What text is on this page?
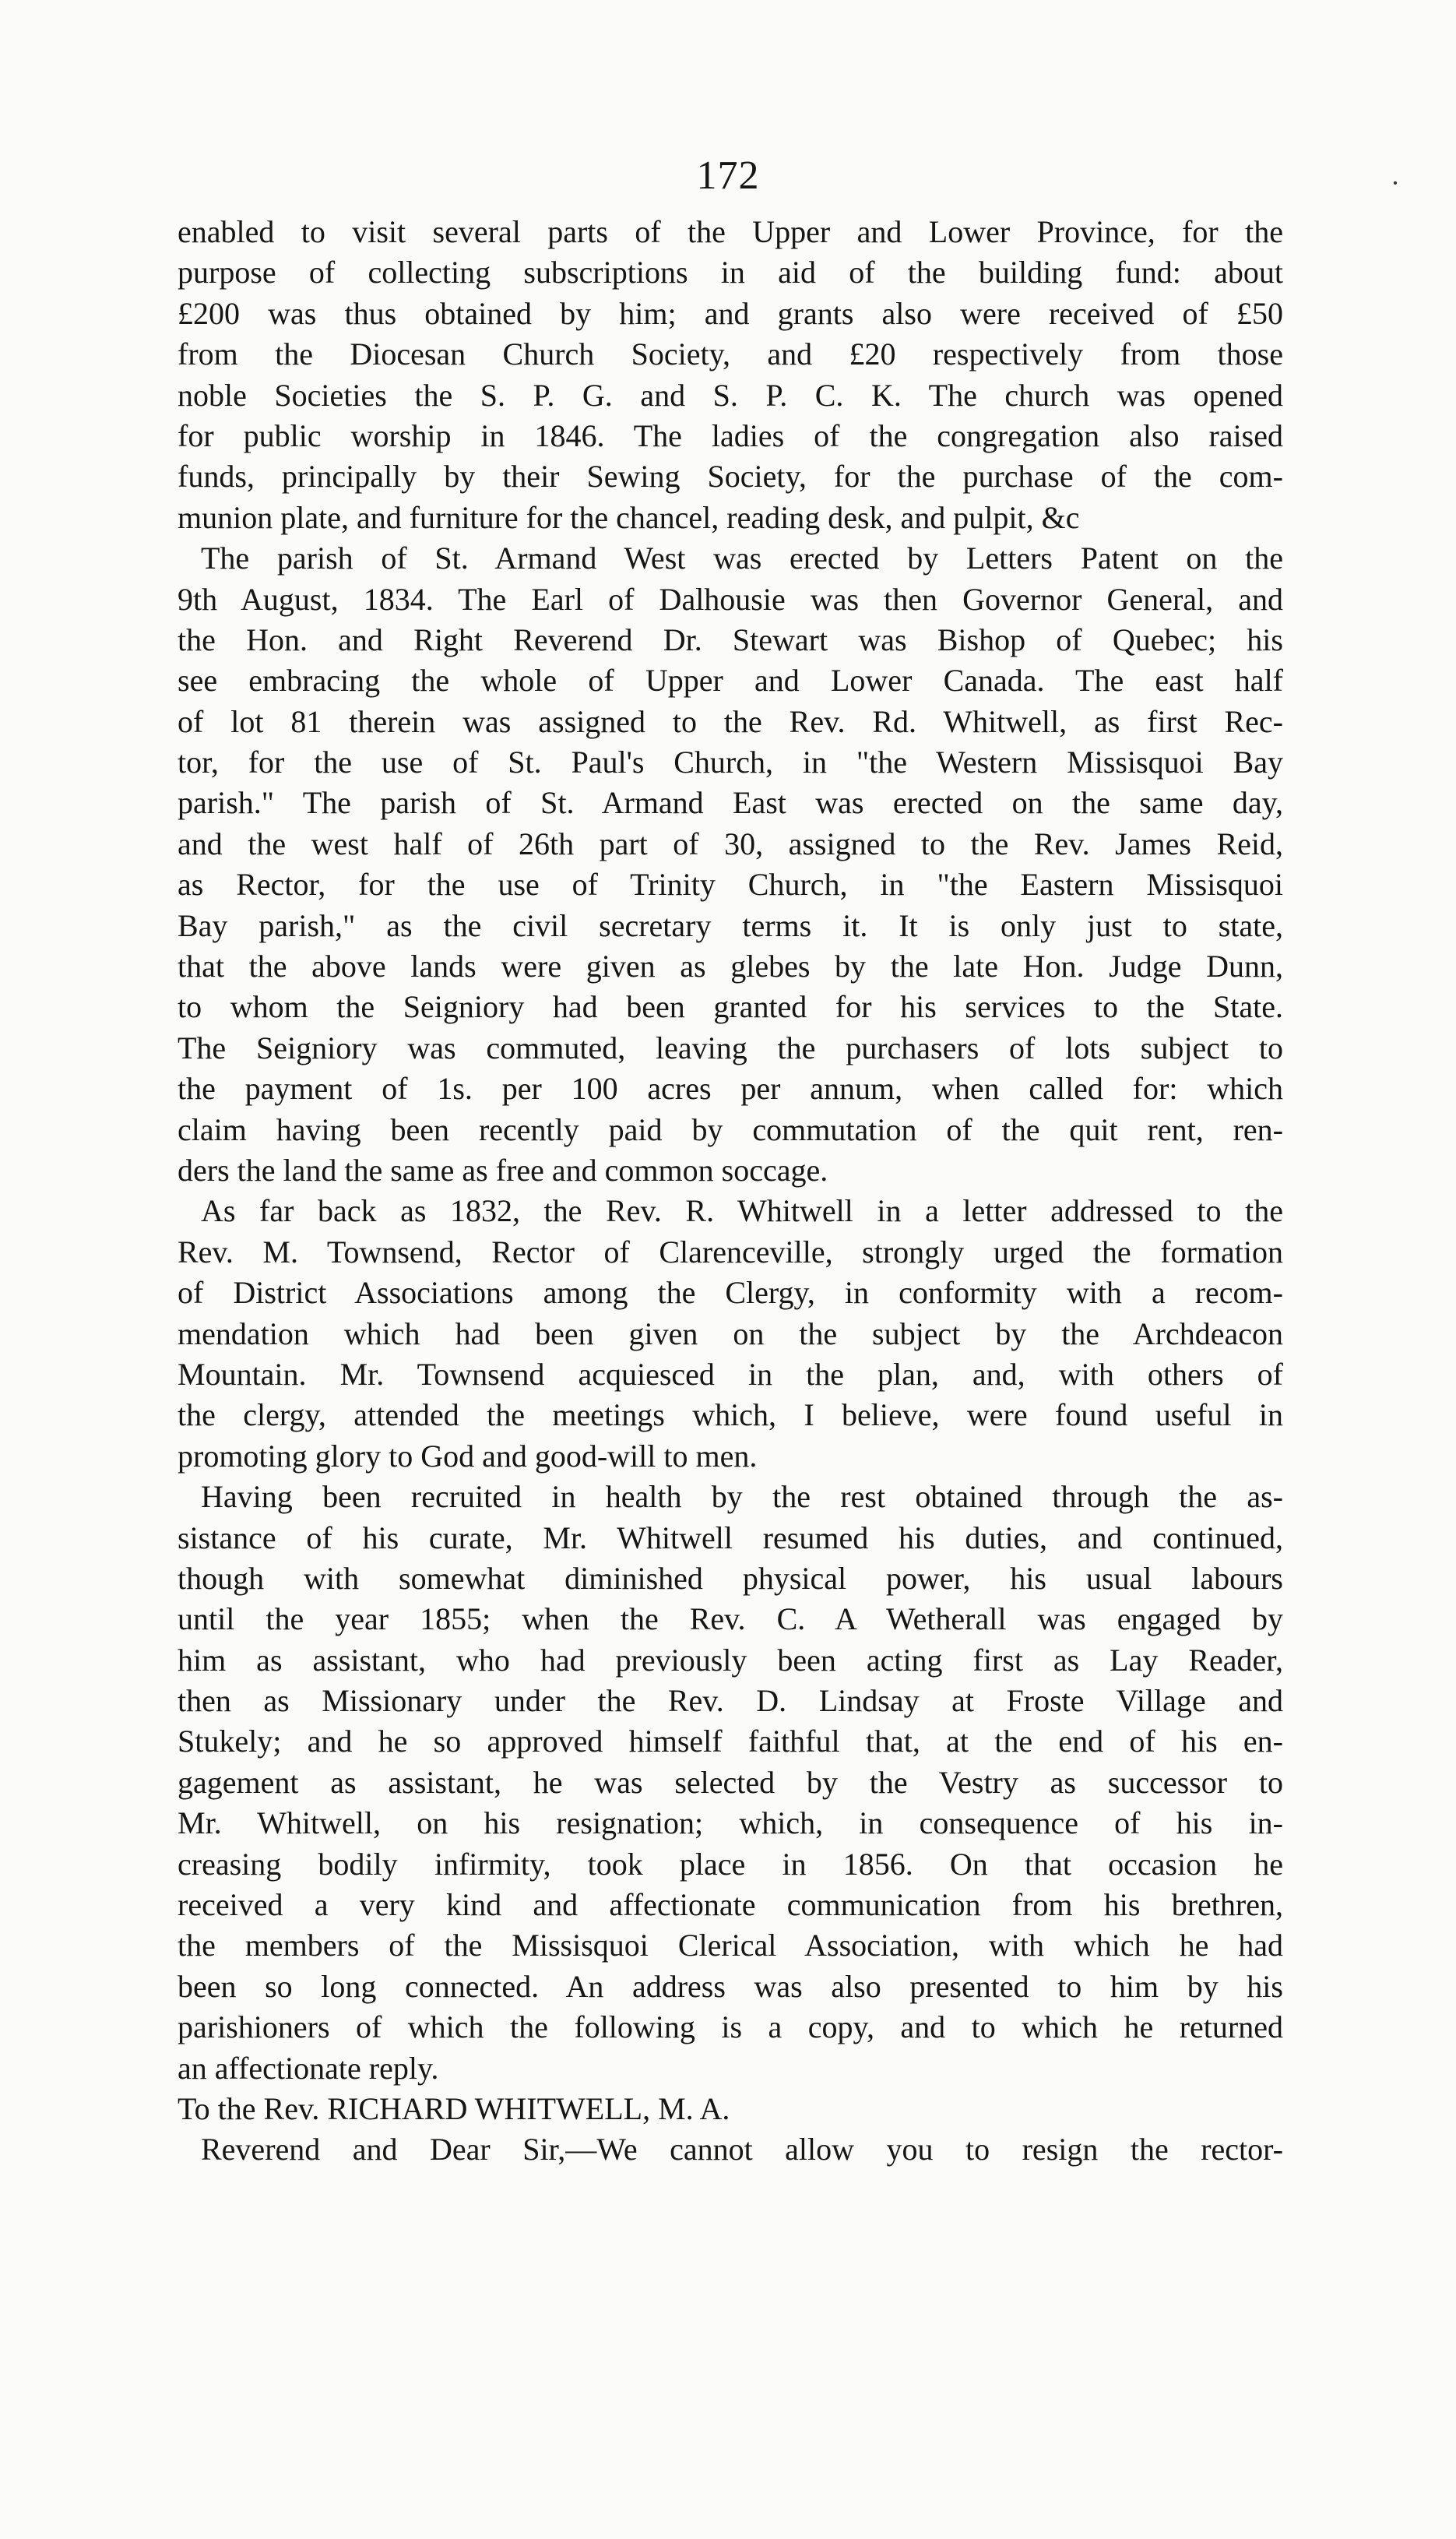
172
enabled to visit several parts of the Upper and Lower Province, for the
purpose of collecting subscriptions in aid of the building fund: about
£200 was thus obtained by him; and grants also were received of £50
from the Diocesan Church Society, and £20 respectively from those
noble Societies the S. P. G. and S. P. C. K. The church was opened
for public worship in 1846. The ladies of the congregation also raised
funds, principally by their Sewing Society, for the purchase of the com-
munion plate, and furniture for the chancel, reading desk, and pulpit, &c
The parish of St. Armand West was erected by Letters Patent on the
9th August, 1834. The Earl of Dalhousie was then Governor General, and
the Hon. and Right Reverend Dr. Stewart was Bishop of Quebec; his
see embracing the whole of Upper and Lower Canada. The east half
of lot 81 therein was assigned to the Rev. Rd. Whitwell, as first Rec-
tor, for the use of St. Paul's Church, in "the Western Missisquoi Bay
parish." The parish of St. Armand East was erected on the same day,
and the west half of 26th part of 30, assigned to the Rev. James Reid,
as Rector, for the use of Trinity Church, in "the Eastern Missisquoi
Bay parish," as the civil secretary terms it. It is only just to state,
that the above lands were given as glebes by the late Hon. Judge Dunn,
to whom the Seigniory had been granted for his services to the State.
The Seigniory was commuted, leaving the purchasers of lots subject to
the payment of 1s. per 100 acres per annum, when called for: which
claim having been recently paid by commutation of the quit rent, ren-
ders the land the same as free and common soccage.
As far back as 1832, the Rev. R. Whitwell in a letter addressed to the
Rev. M. Townsend, Rector of Clarenceville, strongly urged the formation
of District Associations among the Clergy, in conformity with a recom-
mendation which had been given on the subject by the Archdeacon
Mountain. Mr. Townsend acquiesced in the plan, and, with others of
the clergy, attended the meetings which, I believe, were found useful in
promoting glory to God and good-will to men.
Having been recruited in health by the rest obtained through the as-
sistance of his curate, Mr. Whitwell resumed his duties, and continued,
though with somewhat diminished physical power, his usual labours
until the year 1855; when the Rev. C. A Wetherall was engaged by
him as assistant, who had previously been acting first as Lay Reader,
then as Missionary under the Rev. D. Lindsay at Froste Village and
Stukely; and he so approved himself faithful that, at the end of his en-
gagement as assistant, he was selected by the Vestry as successor to
Mr. Whitwell, on his resignation; which, in consequence of his in-
creasing bodily infirmity, took place in 1856. On that occasion he
received a very kind and affectionate communication from his brethren,
the members of the Missisquoi Clerical Association, with which he had
been so long connected. An address was also presented to him by his
parishioners of which the following is a copy, and to which he returned
an affectionate reply.
To the Rev. RICHARD WHITWELL, M. A.
Reverend and Dear Sir,—We cannot allow you to resign the rector-
·
